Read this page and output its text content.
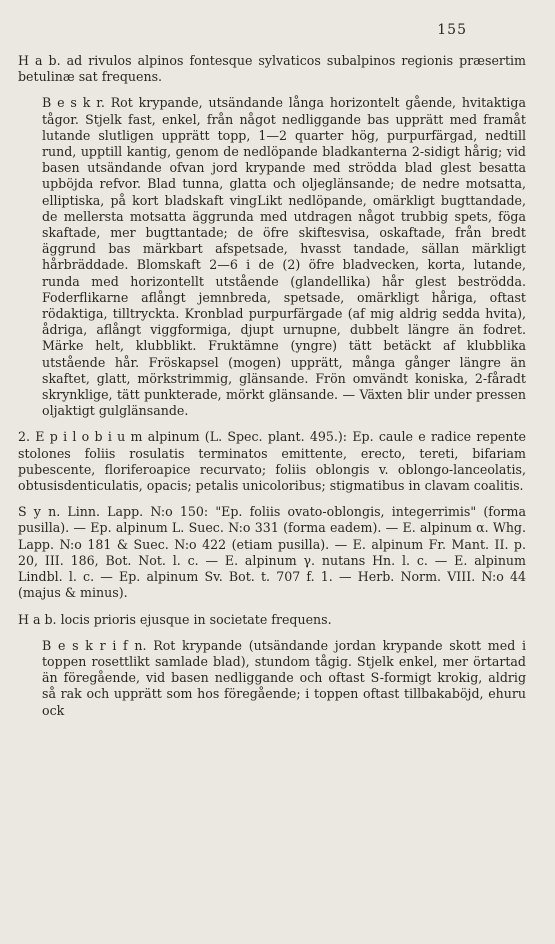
155

H a b. ad rivulos alpinos fontesque sylvaticos subalpinos regionis præsertim betulinæ sat frequens.

B e s k r. Rot krypande, utsändande långa horizontelt gående, hvitaktiga tågor. Stjelk fast, enkel, från något nedliggande bas upprätt med framåt lutande slutligen upprätt topp, 1—2 quarter hög, purpurfärgad, nedtill rund, upptill kantig, genom de nedlöpande bladkanterna 2-sidigt hårig; vid basen utsändande ofvan jord krypande med strödda blad glest besatta upböjda refvor. Blad tunna, glatta och oljeglänsande; de nedre motsatta, elliptiska, på kort bladskaft vingLikt nedlöpande, omärkligt bugttandade, de mellersta motsatta äggrunda med utdragen något trubbig spets, föga skaftade, mer bugttantade; de öfre skiftesvisa, oskaftade, från bredt äggrund bas märkbart afspetsade, hvasst tandade, sällan märkligt hårbräddade. Blomskaft 2—6 i de (2) öfre bladvecken, korta, lutande, runda med horizontellt utstående (glandellika) hår glest beströdda. Foderflikarne aflångt jemnbreda, spetsade, omärkligt håriga, oftast rödaktiga, tilltryckta. Kronblad purpurfärgade (af mig aldrig sedda hvita), ådriga, aflångt viggformiga, djupt urnupne, dubbelt längre än fodret. Märke helt, klubblikt. Fruktämne (yngre) tätt betäckt af klubblika utstående hår. Fröskapsel (mogen) upprätt, många gånger längre än skaftet, glatt, mörkstrimmig, glänsande. Frön omvändt koniska, 2-fåradt skrynklige, tätt punkterade, mörkt glänsande. — Växten blir under pressen oljaktigt gulglänsande.

2. E p i l o b i u m alpinum (L. Spec. plant. 495.): Ep. caule e radice repente stolones foliis rosulatis terminatos emittente, erecto, tereti, bifariam pubescente, floriferoapice recurvato; foliis oblongis v. oblongo-lanceolatis, obtusisdenticulatis, opacis; petalis unicoloribus; stigmatibus in clavam coalitis.

S y n. Linn. Lapp. N:o 150: "Ep. foliis ovato-oblongis, integerrimis" (forma pusilla). — Ep. alpinum L. Suec. N:o 331 (forma eadem). — E. alpinum α. Whg. Lapp. N:o 181 & Suec. N:o 422 (etiam pusilla). — E. alpinum Fr. Mant. II. p. 20, III. 186, Bot. Not. l. c. — E. alpinum γ. nutans Hn. l. c. — E. alpinum Lindbl. l. c. — Ep. alpinum Sv. Bot. t. 707 f. 1. — Herb. Norm. VIII. N:o 44 (majus & minus).

H a b. locis prioris ejusque in societate frequens.

B e s k r i f n. Rot krypande (utsändande jordan krypande skott med i toppen rosettlikt samlade blad), stundom tågig. Stjelk enkel, mer örtartad än föregående, vid basen nedliggande och oftast S-formigt krokig, aldrig så rak och upprätt som hos föregående; i toppen oftast tillbakaböjd, ehuru ock
